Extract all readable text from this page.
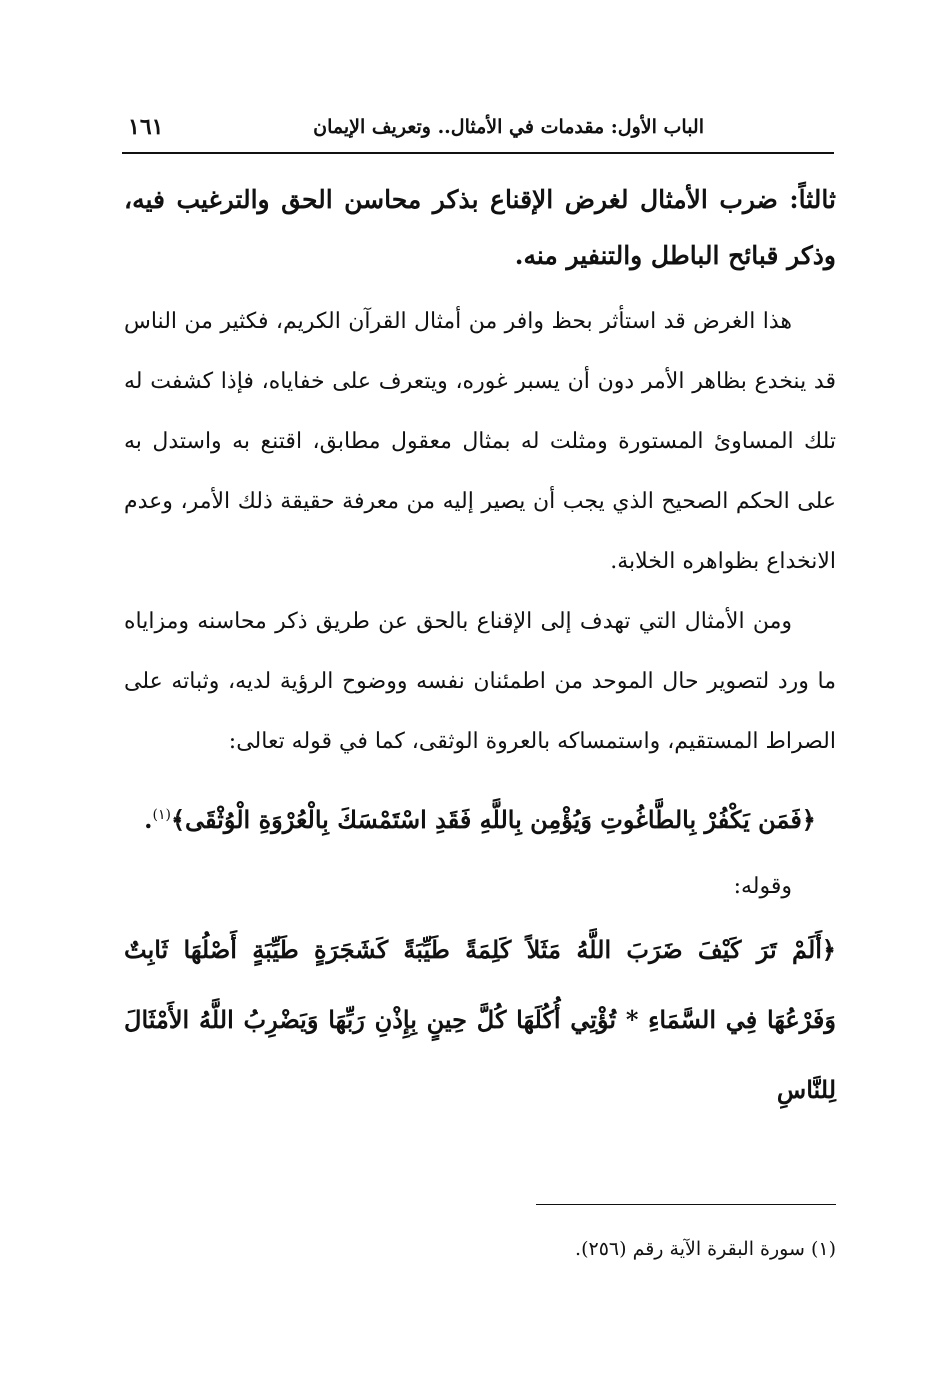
الباب الأول: مقدمات في الأمثال.. وتعريف الإيمان
١٦١

ثالثاً: ضرب الأمثال لغرض الإقناع بذكر محاسن الحق والترغيب فيه، وذكر قبائح الباطل والتنفير منه.

هذا الغرض قد استأثر بحظ وافر من أمثال القرآن الكريم، فكثير من الناس قد ينخدع بظاهر الأمر دون أن يسبر غوره، ويتعرف على خفاياه، فإذا كشفت له تلك المساوئ المستورة ومثلت له بمثال معقول مطابق، اقتنع به واستدل به على الحكم الصحيح الذي يجب أن يصير إليه من معرفة حقيقة ذلك الأمر، وعدم الانخداع بظواهره الخلابة.

ومن الأمثال التي تهدف إلى الإقناع بالحق عن طريق ذكر محاسنه ومزاياه ما ورد لتصوير حال الموحد من اطمئنان نفسه ووضوح الرؤية لديه، وثباته على الصراط المستقيم، واستمساكه بالعروة الوثقى، كما في قوله تعالى:

﴿فَمَن يَكْفُرْ بِالطَّاغُوتِ وَيُؤْمِن بِاللَّهِ فَقَدِ اسْتَمْسَكَ بِالْعُرْوَةِ الْوُثْقَى﴾$^{(١)}$.

وقوله:

﴿أَلَمْ تَرَ كَيْفَ ضَرَبَ اللَّهُ مَثَلاً كَلِمَةً طَيِّبَةً كَشَجَرَةٍ طَيِّبَةٍ أَصْلُهَا ثَابِتٌ وَفَرْعُهَا فِي السَّمَاءِ * تُؤْتِي أُكُلَهَا كُلَّ حِينٍ بِإِذْنِ رَبِّهَا وَيَضْرِبُ اللَّهُ الأَمْثَالَ لِلنَّاسِ

(١) سورة البقرة الآية رقم (٢٥٦).
